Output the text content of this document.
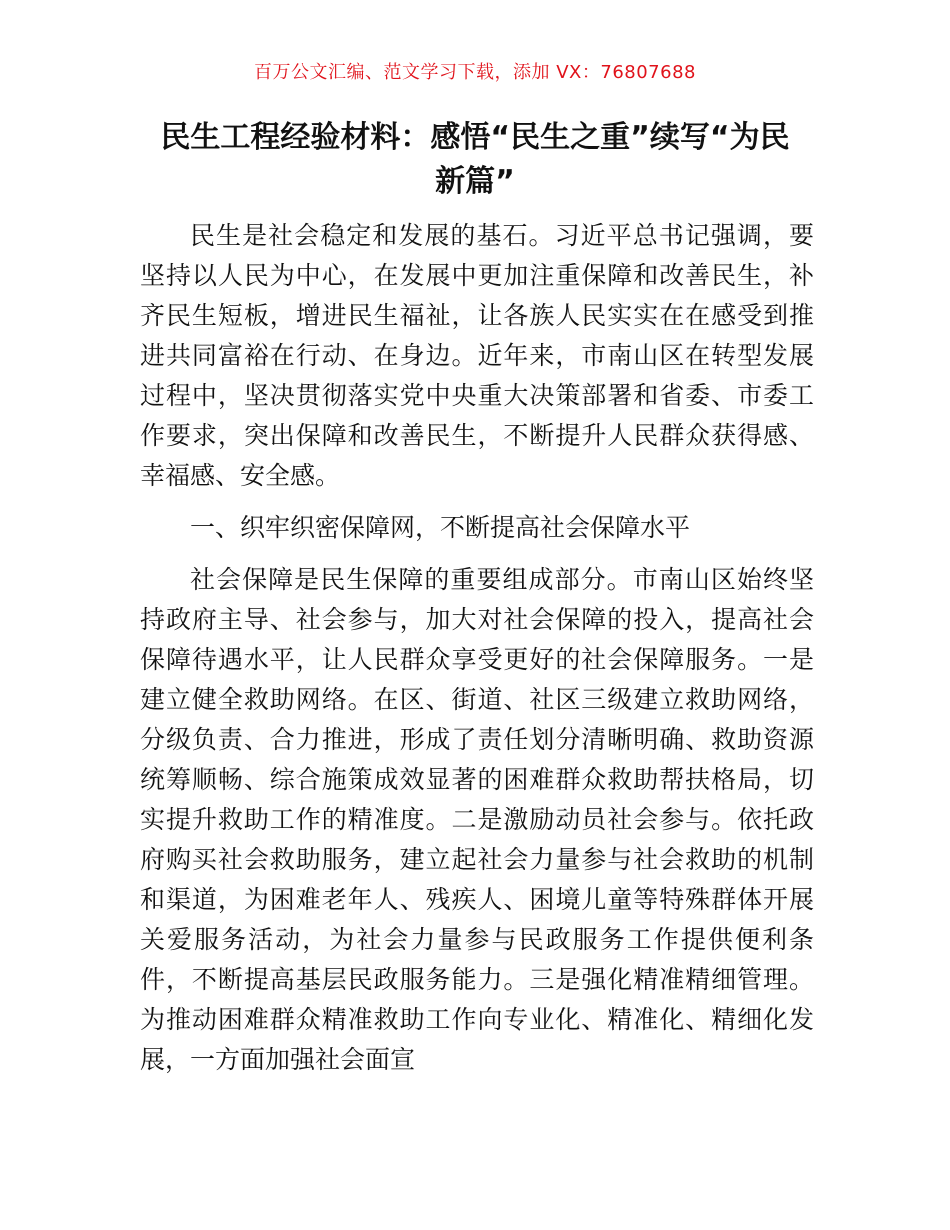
百万公文汇编、范文学习下载，添加 VX：76807688
民生工程经验材料：感悟“民生之重”续写“为民新篇”

民生是社会稳定和发展的基石。习近平总书记强调，要坚持以人民为中心，在发展中更加注重保障和改善民生，补齐民生短板，增进民生福祉，让各族人民实实在在感受到推进共同富裕在行动、在身边。近年来，市南山区在转型发展过程中，坚决贯彻落实党中央重大决策部署和省委、市委工作要求，突出保障和改善民生，不断提升人民群众获得感、幸福感、安全感。

一、织牢织密保障网，不断提高社会保障水平

社会保障是民生保障的重要组成部分。市南山区始终坚持政府主导、社会参与，加大对社会保障的投入，提高社会保障待遇水平，让人民群众享受更好的社会保障服务。一是建立健全救助网络。在区、街道、社区三级建立救助网络，分级负责、合力推进，形成了责任划分清晰明确、救助资源统筹顺畅、综合施策成效显著的困难群众救助帮扶格局，切实提升救助工作的精准度。二是激励动员社会参与。依托政府购买社会救助服务，建立起社会力量参与社会救助的机制和渠道，为困难老年人、残疾人、困境儿童等特殊群体开展关爱服务活动，为社会力量参与民政服务工作提供便利条件，不断提高基层民政服务能力。三是强化精准精细管理。为推动困难群众精准救助工作向专业化、精准化、精细化发展，一方面加强社会面宣
